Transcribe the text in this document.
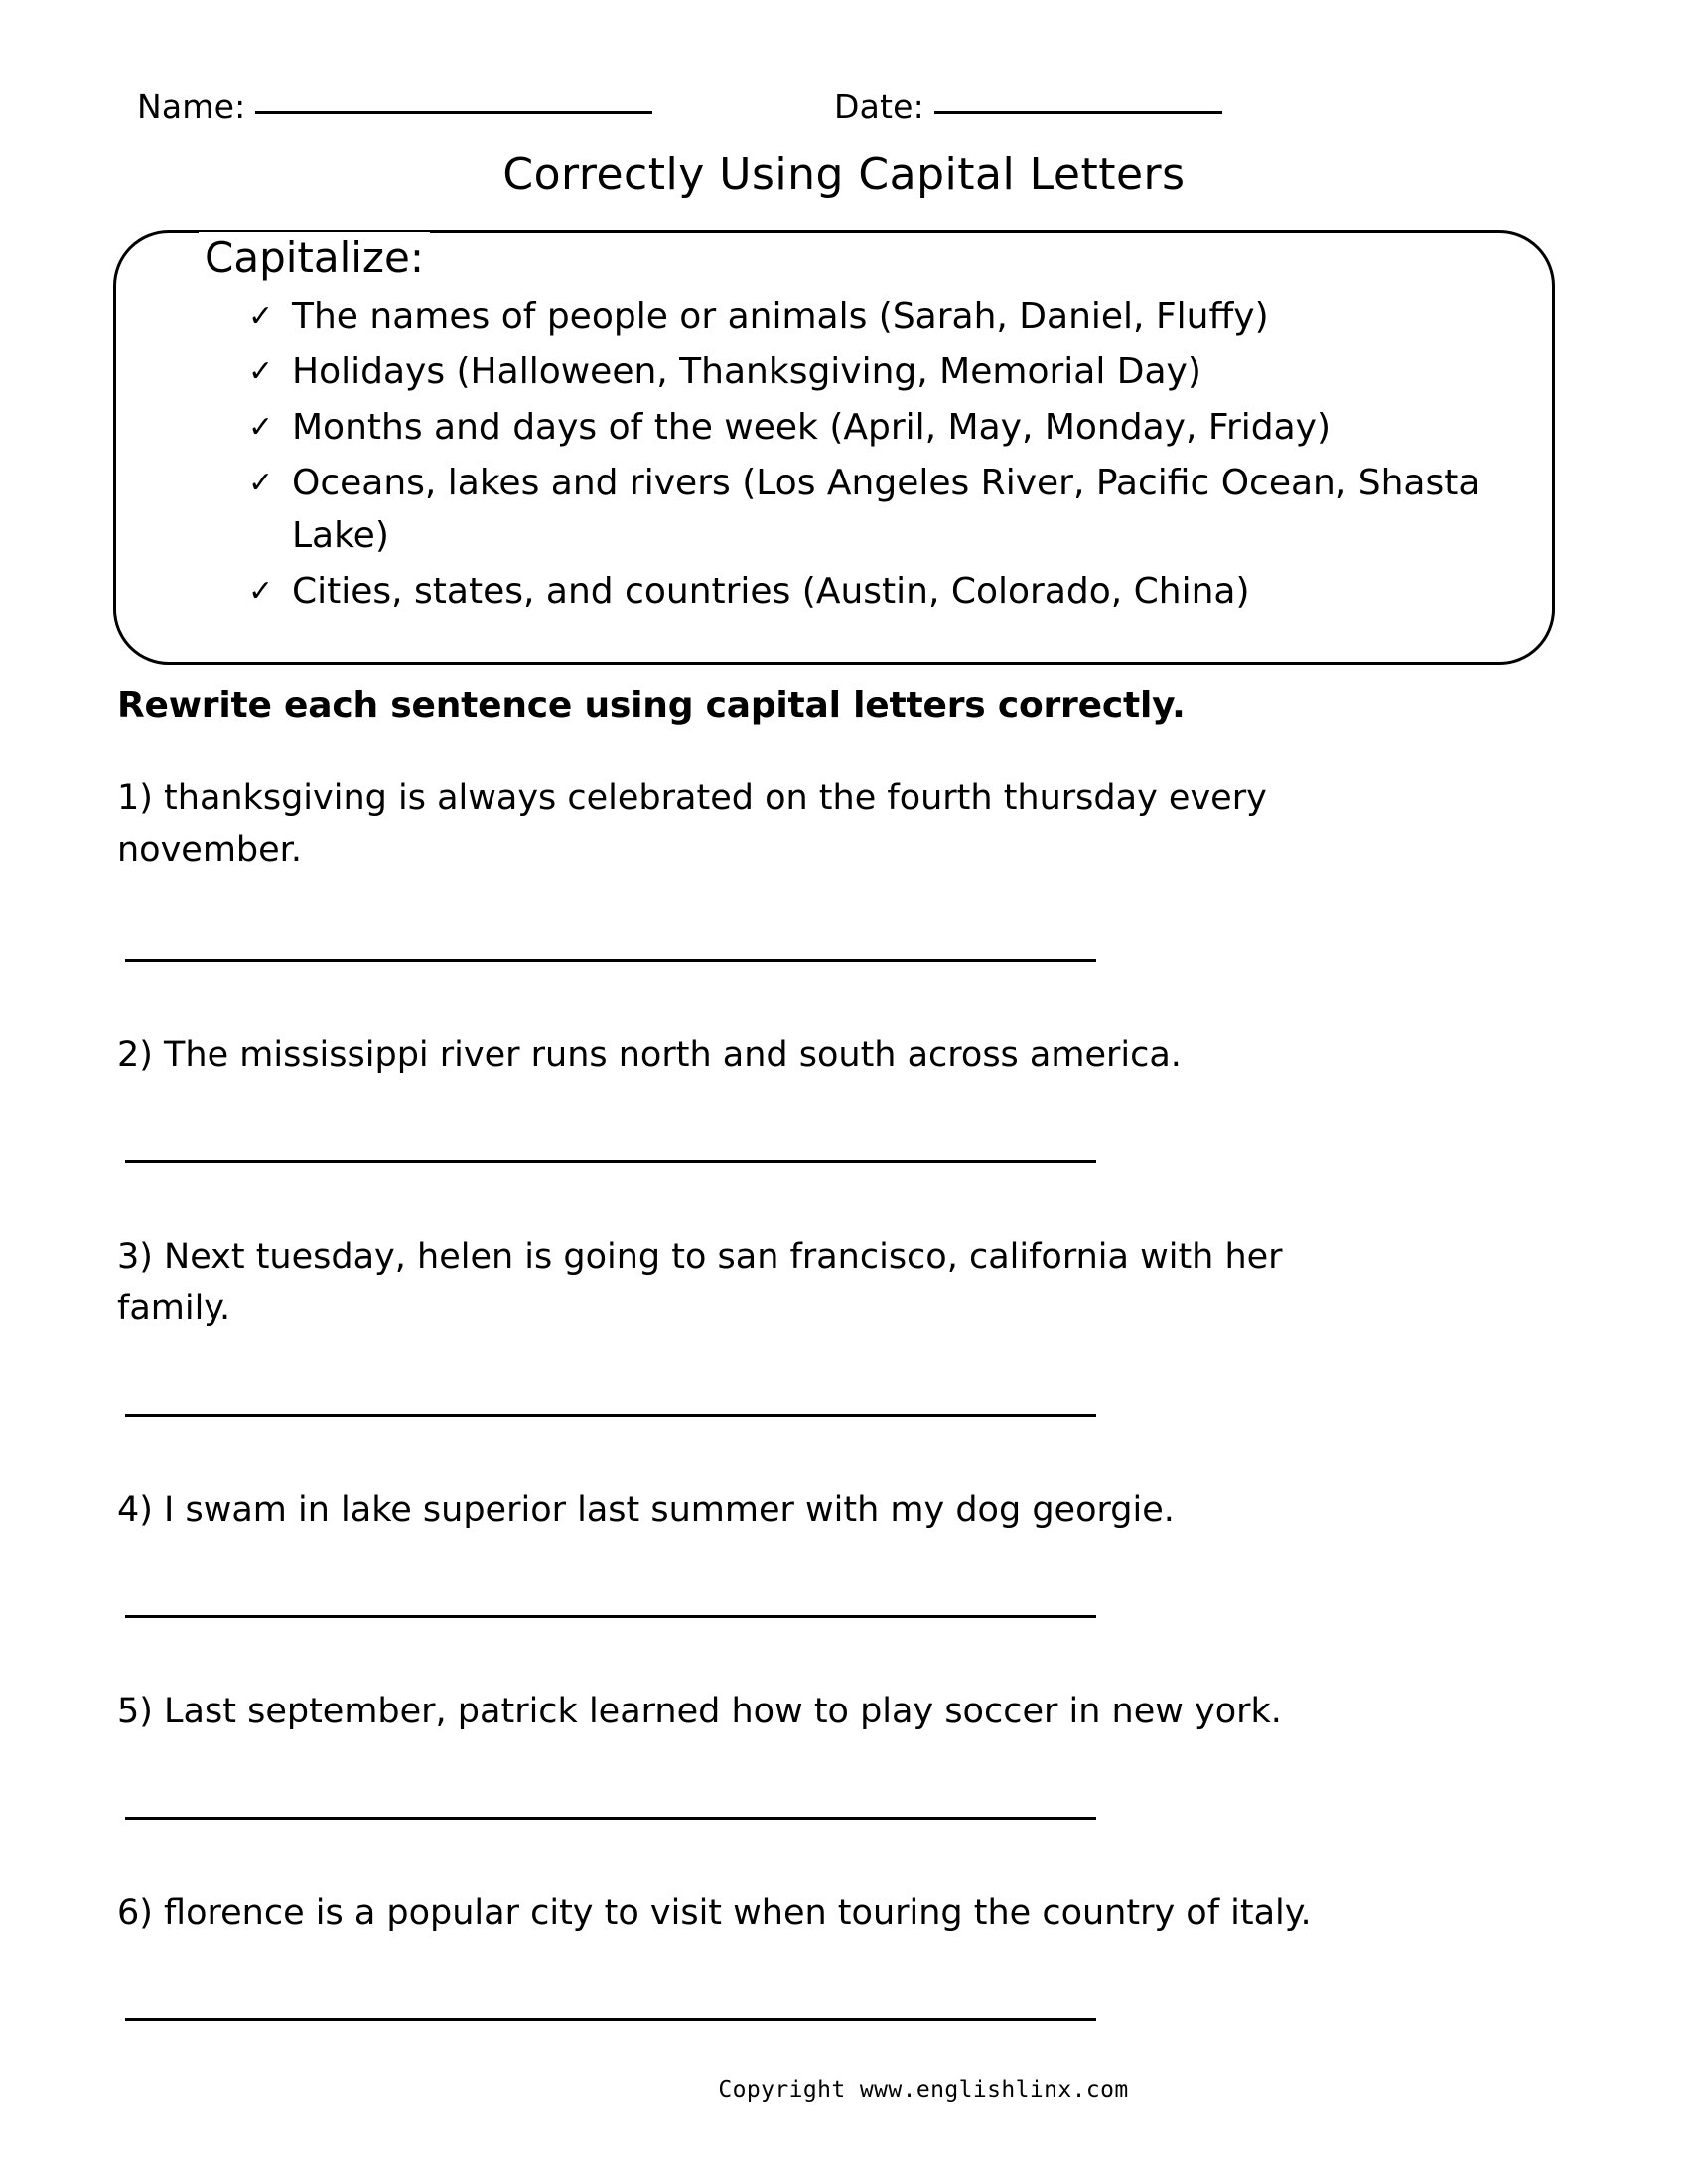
Name:	Date:
Correctly Using Capital Letters
Capitalize:
✓ The names of people or animals (Sarah, Daniel, Fluffy)
✓ Holidays (Halloween, Thanksgiving, Memorial Day)
✓ Months and days of the week (April, May, Monday, Friday)
✓ Oceans, lakes and rivers (Los Angeles River, Pacific Ocean, Shasta Lake)
✓ Cities, states, and countries (Austin, Colorado, China)
Rewrite each sentence using capital letters correctly.
1) thanksgiving is always celebrated on the fourth thursday every november.
2) The mississippi river runs north and south across america.
3) Next tuesday, helen is going to san francisco, california with her family.
4) I swam in lake superior last summer with my dog georgie.
5) Last september, patrick learned how to play soccer in new york.
6) florence is a popular city to visit when touring the country of italy.
Copyright www.englishlinx.com
